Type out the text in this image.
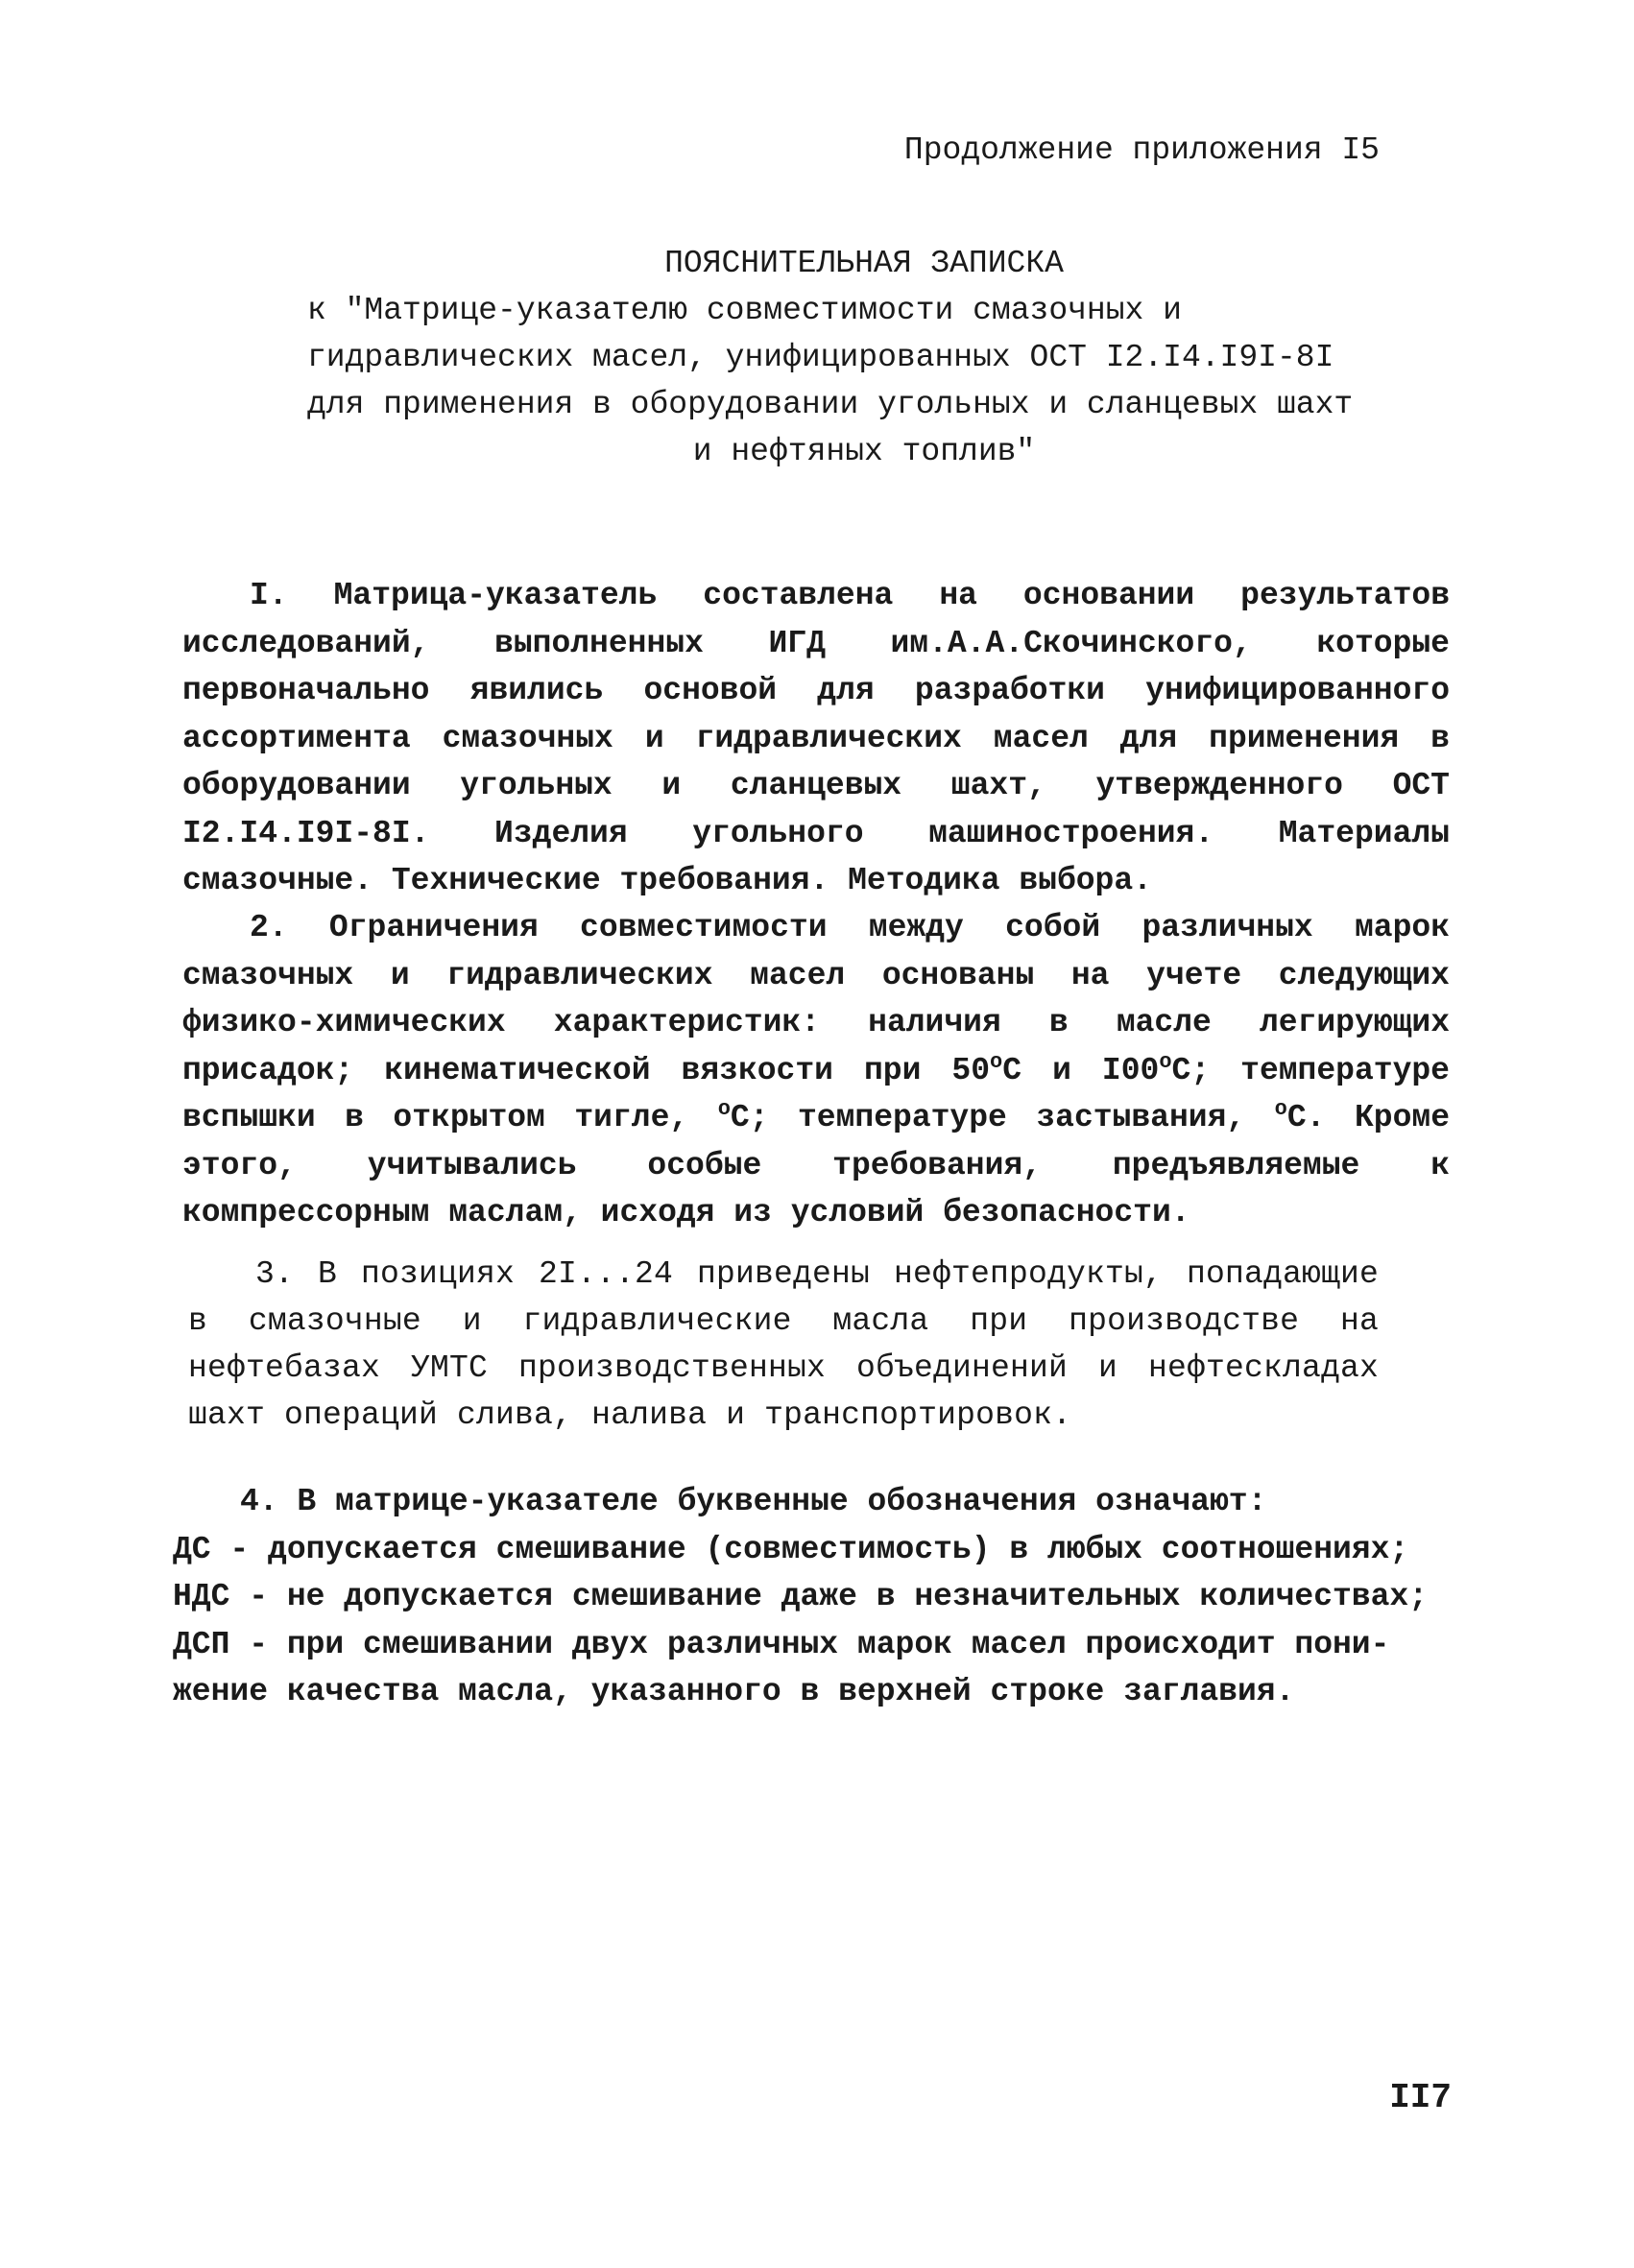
Продолжение приложения I5
ПОЯСНИТЕЛЬНАЯ ЗАПИСКА
к "Матрице-указателю совместимости смазочных и
гидравлических масел, унифицированных ОСТ I2.I4.I9I-8I
для применения в оборудовании угольных и сланцевых шахт
и нефтяных топлив"
I. Матрица-указатель составлена на основании результатов исследований, выполненных ИГД им.А.А.Скочинского, которые первоначально явились основой для разработки унифицированного ассортимента смазочных и гидравлических масел для применения в оборудовании угольных и сланцевых шахт, утвержденного ОСТ I2.I4.I9I-8I. Изделия угольного машиностроения. Материалы смазочные. Технические требования. Методика выбора.
2. Ограничения совместимости между собой различных марок смазочных и гидравлических масел основаны на учете следующих физико-химических характеристик: наличия в масле легирующих присадок; кинематической вязкости при $50^оС$ и $I00^оС$; температуре вспышки в открытом тигле, $^о$С; температуре застывания, $^о$С. Кроме этого, учитывались особые требования, предъявляемые к компрессорным маслам, исходя из условий безопасности.
3. В позициях 2I...24 приведены нефтепродукты, попадающие в смазочные и гидравлические масла при производстве на нефтебазах УМТС производственных объединений и нефтескладах шахт операций слива, налива и транспортировок.
4. В матрице-указателе буквенные обозначения означают:
ДС - допускается смешивание (совместимость) в любых соотношениях;
НДС - не допускается смешивание даже в незначительных количествах;
ДСП - при смешивании двух различных марок масел происходит пони-
жение качества масла, указанного в верхней строке заглавия.
II7
